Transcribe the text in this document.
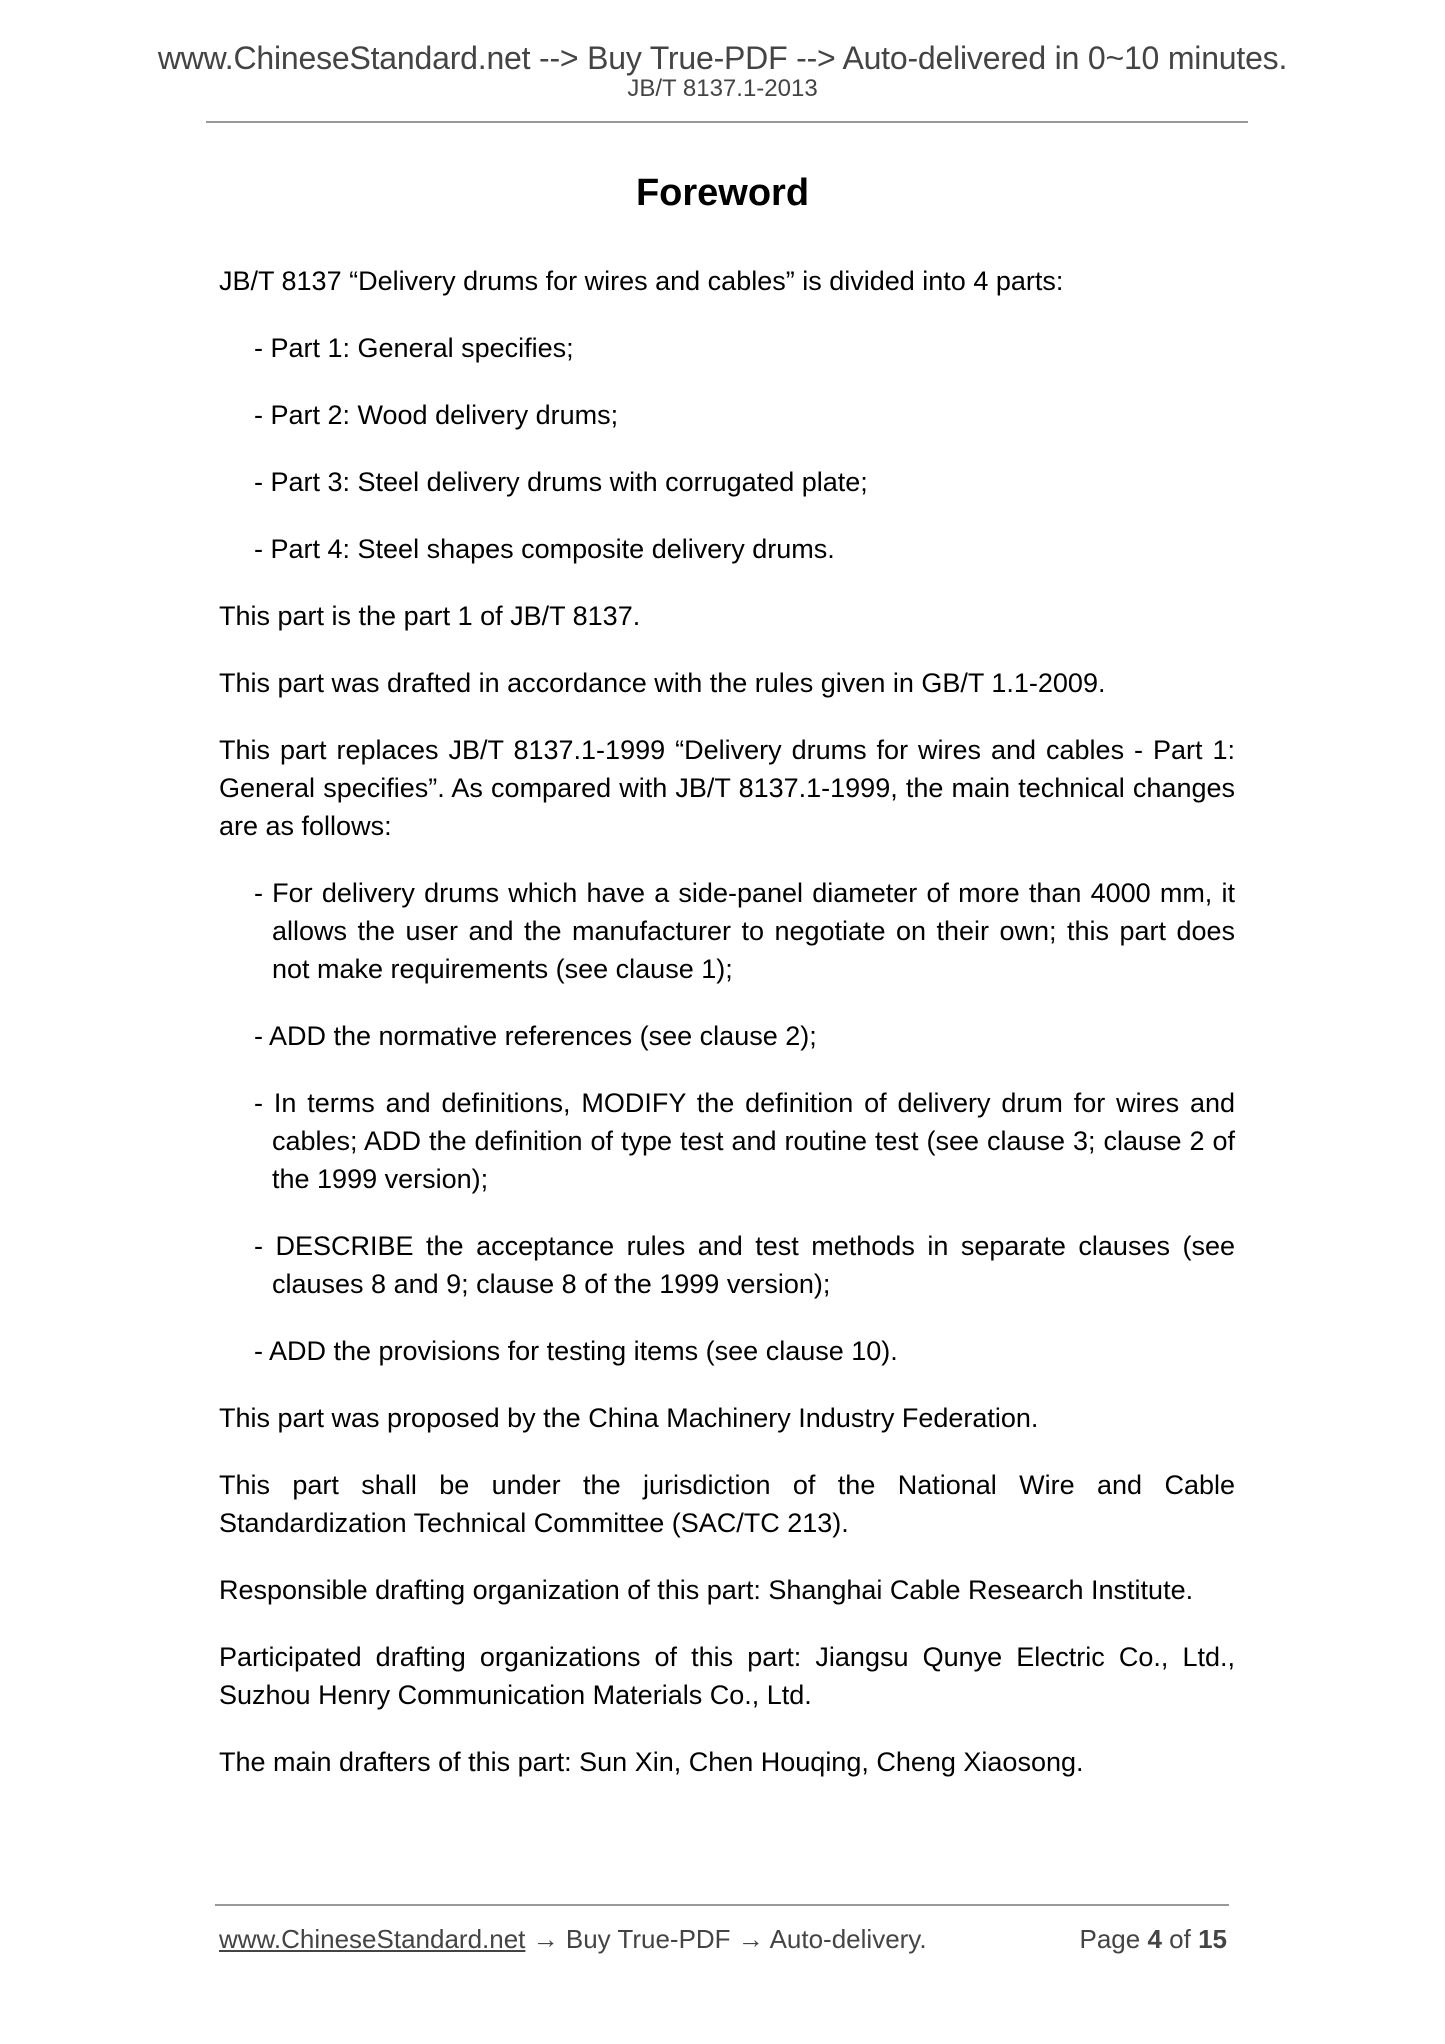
www.ChineseStandard.net --> Buy True-PDF --> Auto-delivered in 0~10 minutes.
JB/T 8137.1-2013
Foreword

JB/T 8137 “Delivery drums for wires and cables” is divided into 4 parts:

- Part 1: General specifies;

- Part 2: Wood delivery drums;

- Part 3: Steel delivery drums with corrugated plate;

- Part 4: Steel shapes composite delivery drums.

This part is the part 1 of JB/T 8137.

This part was drafted in accordance with the rules given in GB/T 1.1-2009.

This part replaces JB/T 8137.1-1999 “Delivery drums for wires and cables - Part 1: General specifies”. As compared with JB/T 8137.1-1999, the main technical changes are as follows:

- For delivery drums which have a side-panel diameter of more than 4000 mm, it allows the user and the manufacturer to negotiate on their own; this part does not make requirements (see clause 1);

- ADD the normative references (see clause 2);

- In terms and definitions, MODIFY the definition of delivery drum for wires and cables; ADD the definition of type test and routine test (see clause 3; clause 2 of the 1999 version);

- DESCRIBE the acceptance rules and test methods in separate clauses (see clauses 8 and 9; clause 8 of the 1999 version);

- ADD the provisions for testing items (see clause 10).

This part was proposed by the China Machinery Industry Federation.

This part shall be under the jurisdiction of the National Wire and Cable Standardization Technical Committee (SAC/TC 213).

Responsible drafting organization of this part: Shanghai Cable Research Institute.

Participated drafting organizations of this part: Jiangsu Qunye Electric Co., Ltd., Suzhou Henry Communication Materials Co., Ltd.

The main drafters of this part: Sun Xin, Chen Houqing, Cheng Xiaosong.

www.ChineseStandard.net → Buy True-PDF → Auto-delivery.	Page 4 of 15
